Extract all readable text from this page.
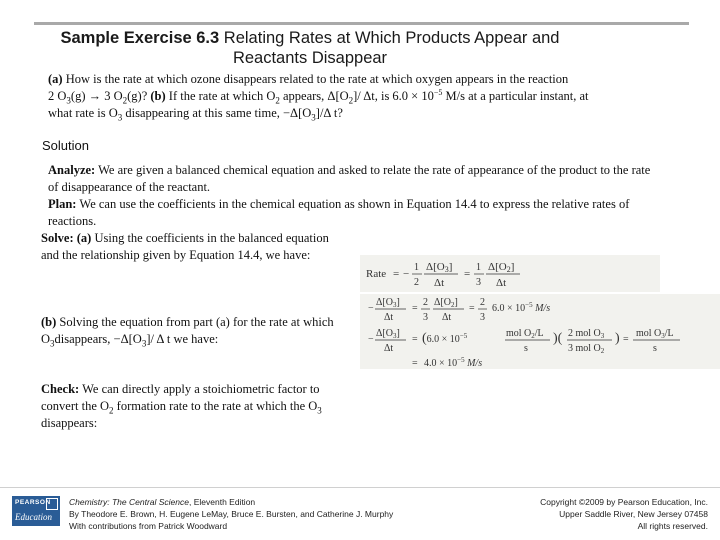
Sample Exercise 6.3 Relating Rates at Which Products Appear and
Reactants Disappear

(a) How is the rate at which ozone disappears related to the rate at which oxygen appears in the reaction

2 $O_3(g) \to 3$ $O_2(g)$? (b) If the rate at which $O_2$ appears, $\Delta[O_2]/$ Δt, is $6.0 \times 10^{-5}$ M/s at a particular instant, at

what rate is $O_3$ disappearing at this same time, $-\Delta[O_3]/\Delta$ t?

Solution

Analyze: We are given a balanced chemical equation and asked to relate the rate of appearance of the product to the rate of disappearance of the reactant.

Plan: We can use the coefficients in the chemical equation as shown in Equation 14.4 to express the relative rates of reactions.

Solve: (a) Using the coefficients in the balanced equation and the relationship given by Equation 14.4, we have:

(b) Solving the equation from part (a) for the rate at which $O_3disappears$, $-\Delta[O_3]/$ Δ t we have:

Check: We can directly apply a stoichiometric factor to convert the $O_2$ formation rate to the rate at which the $O_3$ disappears:

Rate = −
1
2
Δ[O3]
Δt
=
1
3
Δ[O2]
Δt
−
$\Delta[O_3]$
Δt
=
2
3
$\Delta[O_2]$
Δt
=
2
3
$6.0 \times 10^{-5}$ M/s
−
$\Delta[O_3]$
Δt
= ($6.0 \times 10^{-5}$	mol $O_2/L$
s
)( 2 mol $O_3$
3 mol $O_2$
) =
mol $O_3/L$
s
= $4.0 \times 10^{-5}$ M/s
PEARSON
Education
Chemistry: The Central Science, Eleventh Edition
By Theodore E. Brown, H. Eugene LeMay, Bruce E. Bursten, and Catherine J. Murphy
With contributions from Patrick Woodward
Copyright ©2009 by Pearson Education, Inc.
Upper Saddle River, New Jersey 07458
All rights reserved.
